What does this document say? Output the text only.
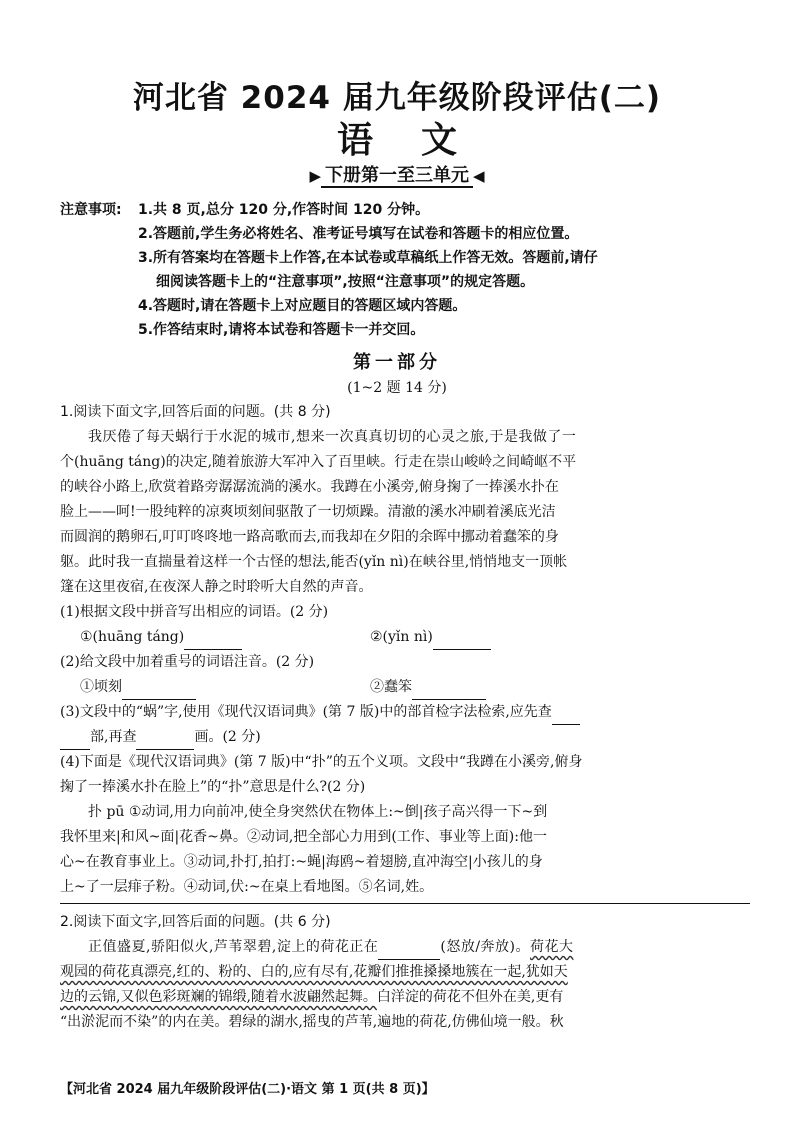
河北省 2024 届九年级阶段评估(二)
语文
▶ 下册第一至三单元 ◀
注意事项:	1.共 8 页,总分 120 分,作答时间 120 分钟。
2.答题前,学生务必将姓名、准考证号填写在试卷和答题卡的相应位置。
3.所有答案均在答题卡上作答,在本试卷或草稿纸上作答无效。答题前,请仔
细阅读答题卡上的“注意事项”,按照“注意事项”的规定答题。
4.答题时,请在答题卡上对应题目的答题区域内答题。
5.作答结束时,请将本试卷和答题卡一并交回。
第一部分
(1~2 题 14 分)
1.阅读下面文字,回答后面的问题。(共 8 分)
我厌倦了每天蜗行于水泥的城市,想来一次真真切切的心灵之旅,于是我做了一
个(huāng táng)的决定,随着旅游大军冲入了百里峡。行走在崇山峻岭之间崎岖不平
的峡谷小路上,欣赏着路旁潺潺流淌的溪水。我蹲在小溪旁,俯身掬了一捧溪水扑在
脸上——呵!一股纯粹的凉爽顷刻间驱散了一切烦躁。清澈的溪水冲刷着溪底光洁
而圆润的鹅卵石,叮叮咚咚地一路高歌而去,而我却在夕阳的余晖中挪动着蠢笨的身
躯。此时我一直揣量着这样一个古怪的想法,能否(yǐn nì)在峡谷里,悄悄地支一顶帐
篷在这里夜宿,在夜深人静之时聆听大自然的声音。
(1)根据文段中拼音写出相应的词语。(2 分)
①(huāng táng)	②(yǐn nì)
(2)给文段中加着重号的词语注音。(2 分)
①顷刻	②蠢笨
(3)文段中的“蜗”字,使用《现代汉语词典》(第 7 版)中的部首检字法检索,应先查
部,再查	画。(2 分)
(4)下面是《现代汉语词典》(第 7 版)中“扑”的五个义项。文段中“我蹲在小溪旁,俯身
掬了一捧溪水扑在脸上”的“扑”意思是什么?(2 分)
扑 pū ①动词,用力向前冲,使全身突然伏在物体上:~倒|孩子高兴得一下~到
我怀里来|和风~面|花香~鼻。②动词,把全部心力用到(工作、事业等上面):他一
心~在教育事业上。③动词,扑打,拍打:~蝇|海鸥~着翅膀,直冲海空|小孩儿的身
上~了一层痱子粉。④动词,伏:~在桌上看地图。⑤名词,姓。
2.阅读下面文字,回答后面的问题。(共 6 分)
正值盛夏,骄阳似火,芦苇翠碧,淀上的荷花正在	(怒放/奔放)。荷花大
观园的荷花真漂亮,红的、粉的、白的,应有尽有,花瓣们推推搡搡地簇在一起,犹如天
边的云锦,又似色彩斑斓的锦缎,随着水波翩然起舞。白洋淀的荷花不但外在美,更有
“出淤泥而不染”的内在美。碧绿的湖水,摇曳的芦苇,遍地的荷花,仿佛仙境一般。秋
【河北省 2024 届九年级阶段评估(二)·语文 第 1 页(共 8 页)】
